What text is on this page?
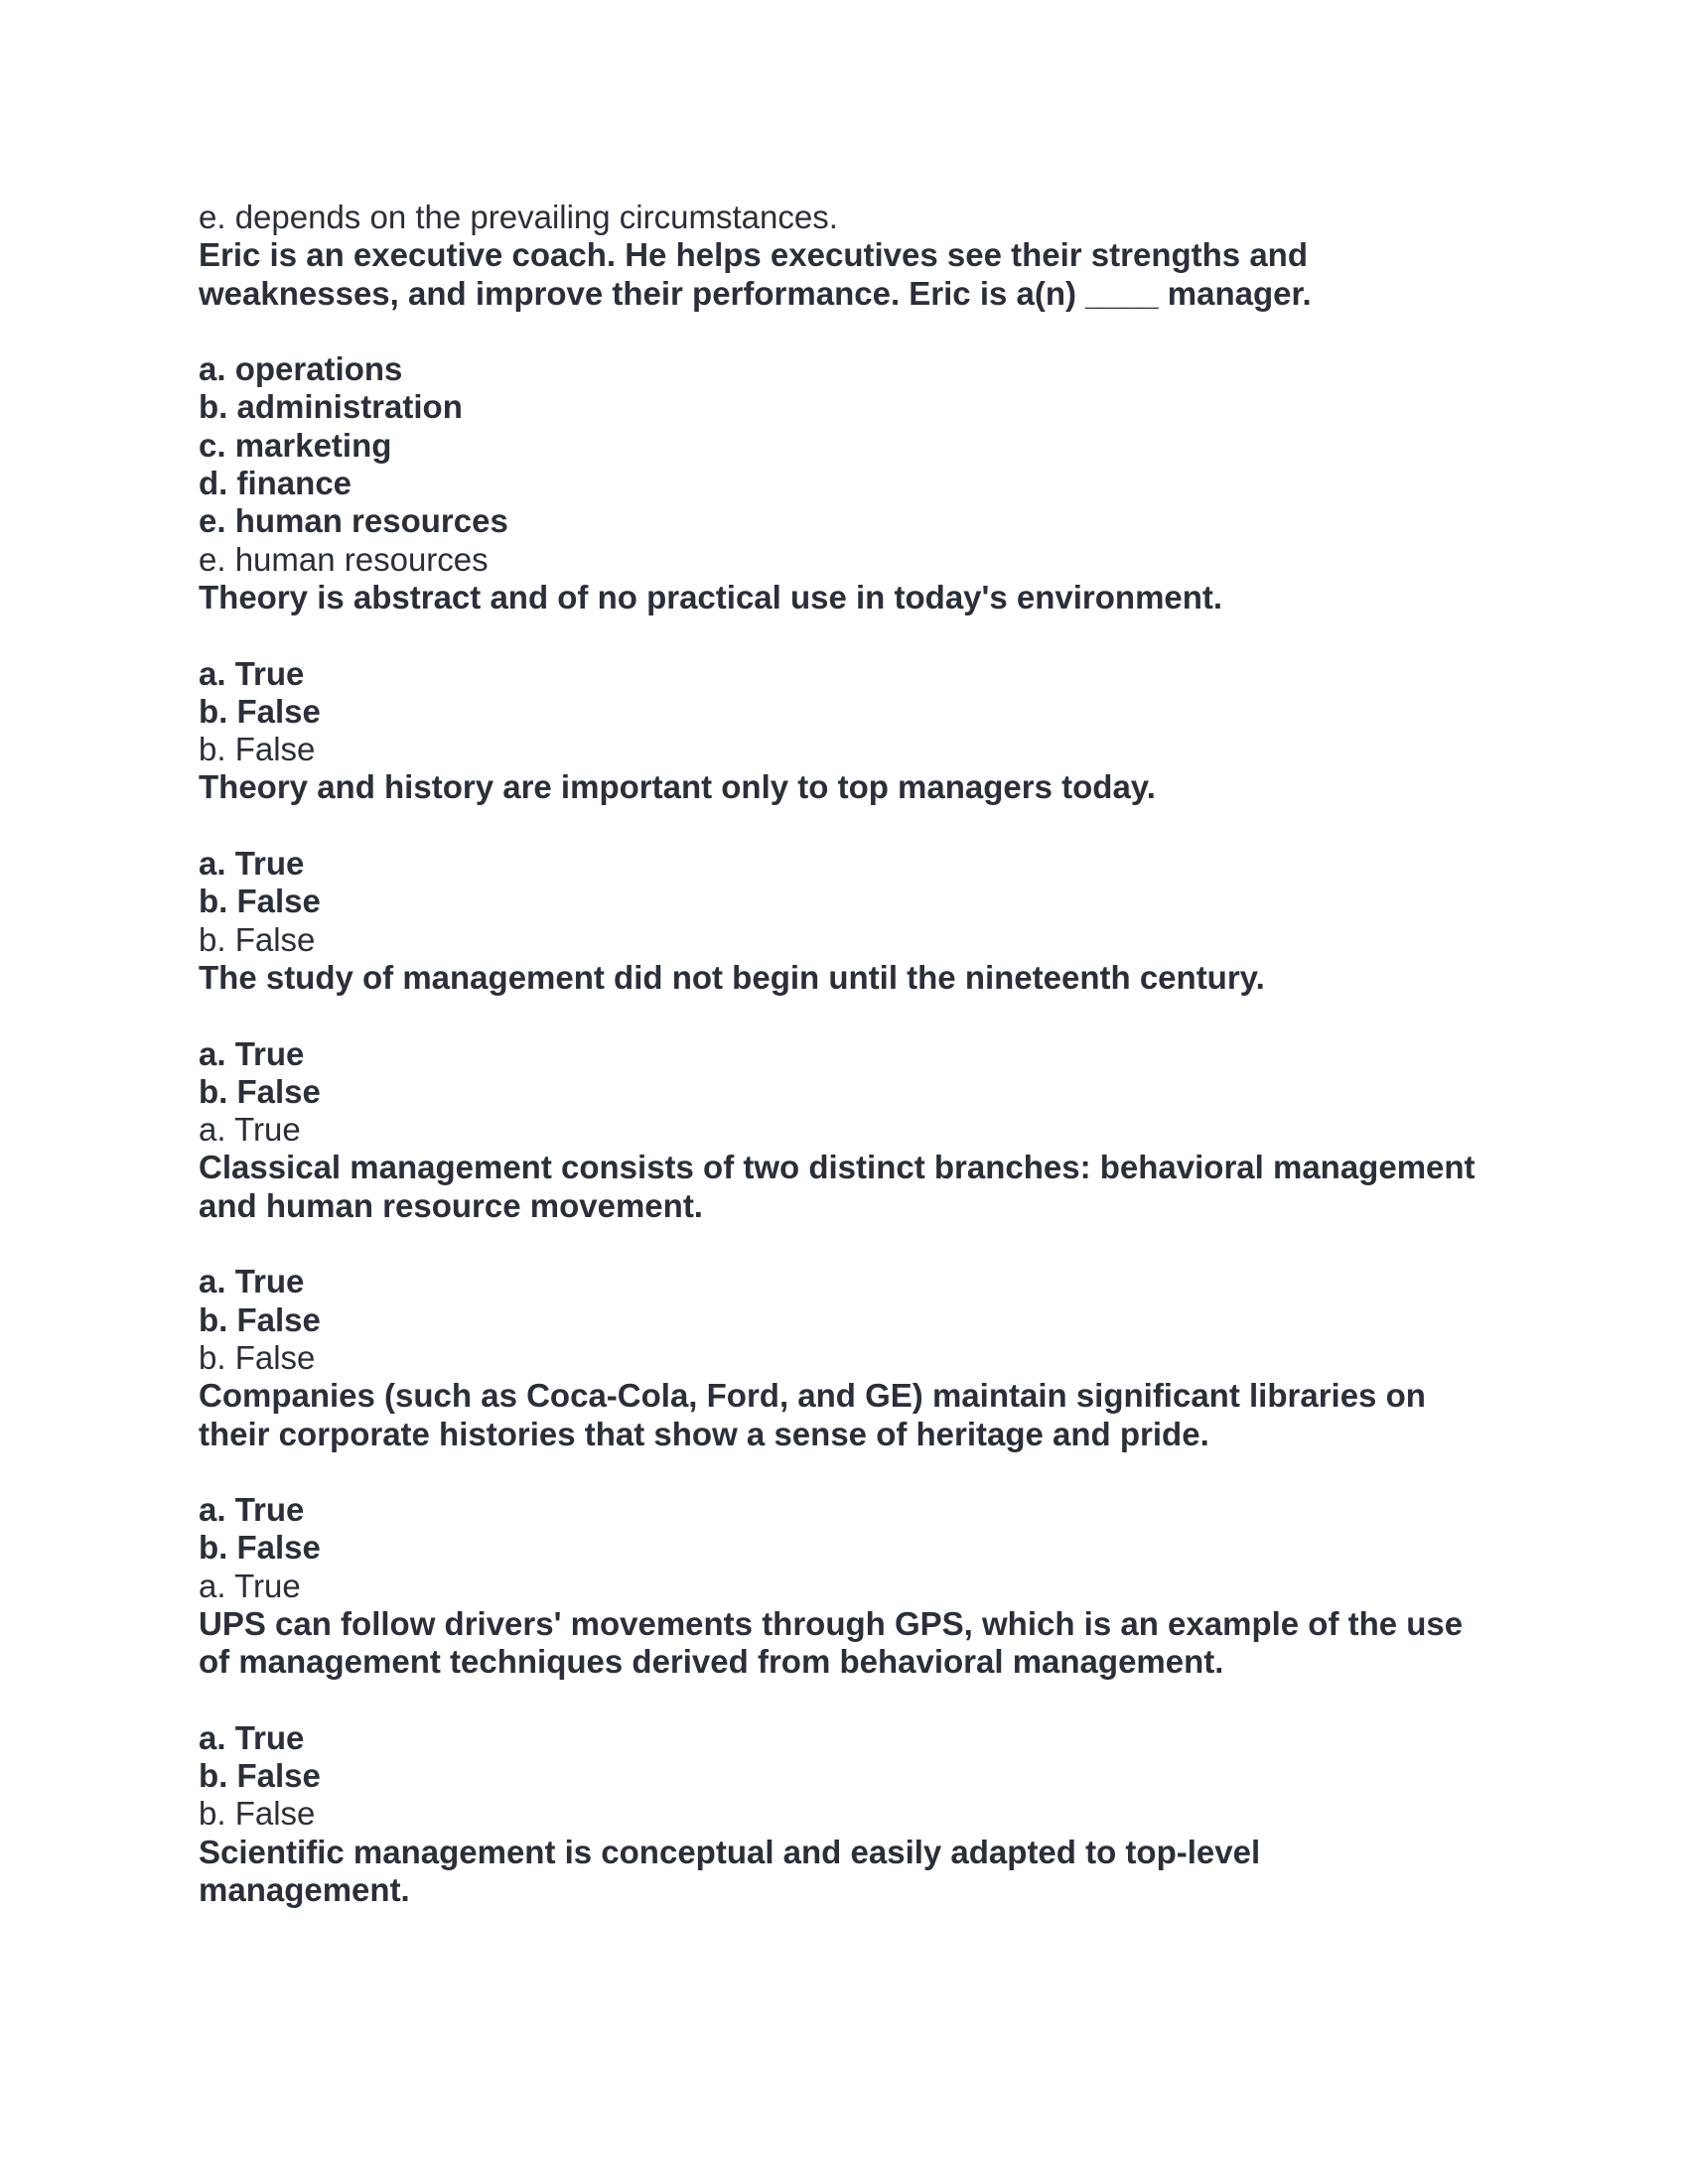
e. depends on the prevailing circumstances.

Eric is an executive coach. He helps executives see their strengths and weaknesses, and improve their performance. Eric is a(n) ____ manager.

a. operations

b. administration

c. marketing

d. finance

e. human resources

e. human resources

Theory is abstract and of no practical use in today's environment.

a. True

b. False

b. False

Theory and history are important only to top managers today.

a. True

b. False

b. False

The study of management did not begin until the nineteenth century.

a. True

b. False

a. True

Classical management consists of two distinct branches: behavioral management and human resource movement.

a. True

b. False

b. False

Companies (such as Coca-Cola, Ford, and GE) maintain significant libraries on their corporate histories that show a sense of heritage and pride.

a. True

b. False

a. True

UPS can follow drivers' movements through GPS, which is an example of the use of management techniques derived from behavioral management.

a. True

b. False

b. False

Scientific management is conceptual and easily adapted to top-level management.
